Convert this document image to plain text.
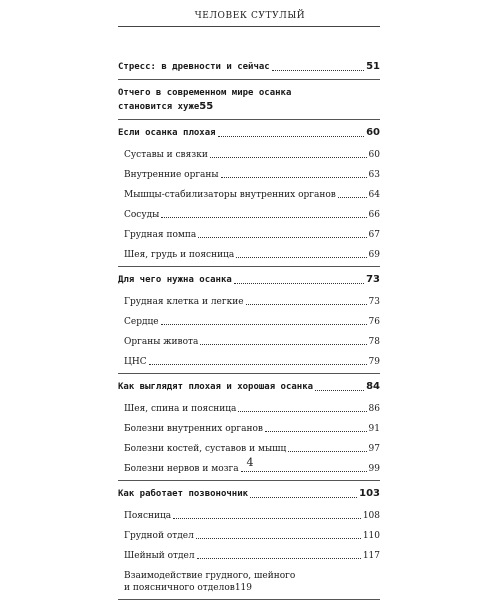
ЧЕЛОВЕК СУТУЛЫЙ
Стресс: в древности и сейчас	51
Отчего в современном мире осанка
становится хуже 55
Если осанка плохая	60
Суставы и связки	60
Внутренние органы	63
Мышцы-стабилизаторы внутренних органов	64
Сосуды	66
Грудная помпа	67
Шея, грудь и поясница	69
Для чего нужна осанка	73
Грудная клетка и легкие	73
Сердце	76
Органы живота	78
ЦНС	79
Как выглядят плохая и хорошая осанка	84
Шея, спина и поясница	86
Болезни внутренних органов	91
Болезни костей, суставов и мышц	97
Болезни нервов и мозга	99
Как работает позвоночник	103
Поясница	108
Грудной отдел	110
Шейный отдел	117
Взаимодействие грудного, шейного
и поясничного отделов 119
4
